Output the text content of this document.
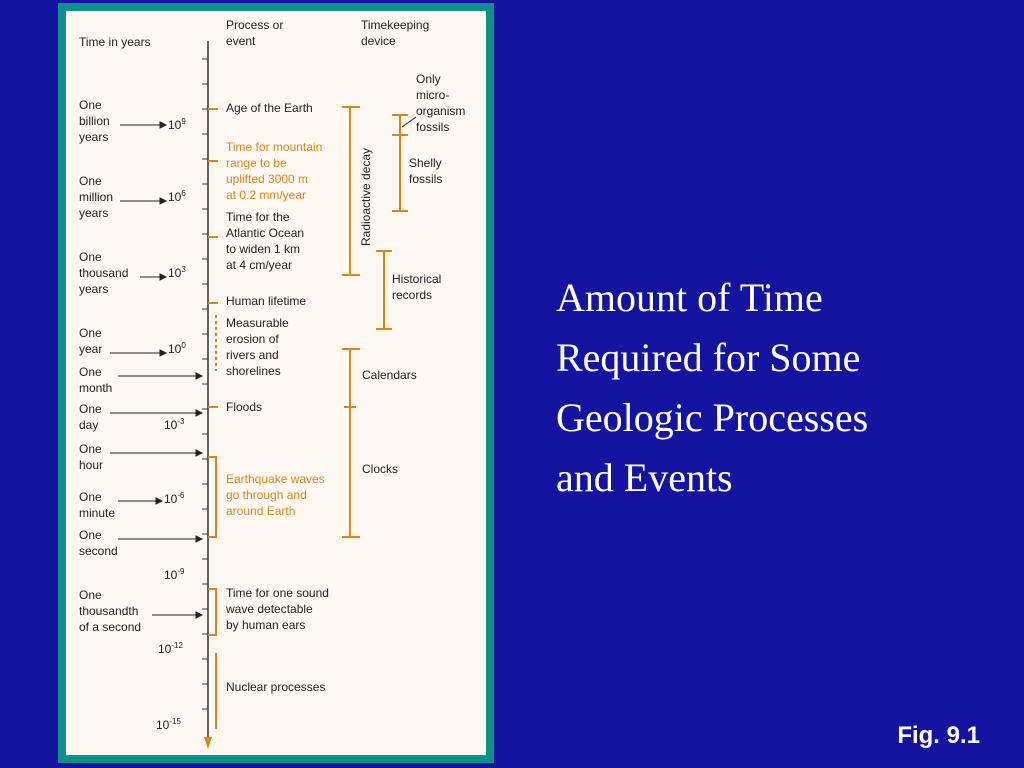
Time in years
Process or
event
Timekeeping
device
$10^9$
$10^6$
$10^3$
$10^0$
$10^{-3}$
$10^{-6}$
$10^{-9}$
$10^{-12}$
$10^{-15}$
One
billion
years
One
million
years
One
thousand
years
One
year
One
month
One
day
One
hour
One
minute
One
second
One
thousandth
of a second
Age of the Earth
Time for mountain
range to be
uplifted 3000 m
at 0.2 mm/year
Time for the
Atlantic Ocean
to widen 1 km
at 4 cm/year
Human lifetime
Measurable
erosion of
rivers and
shorelines
Floods
Earthquake waves
go through and
around Earth
Time for one sound
wave detectable
by human ears
Nuclear processes
Radioactive decay
Only
micro-
organism
fossils
Shelly
fossils
Historical
records
Calendars
Clocks
Amount of Time
Required for Some
Geologic Processes
and Events
Fig. 9.1
